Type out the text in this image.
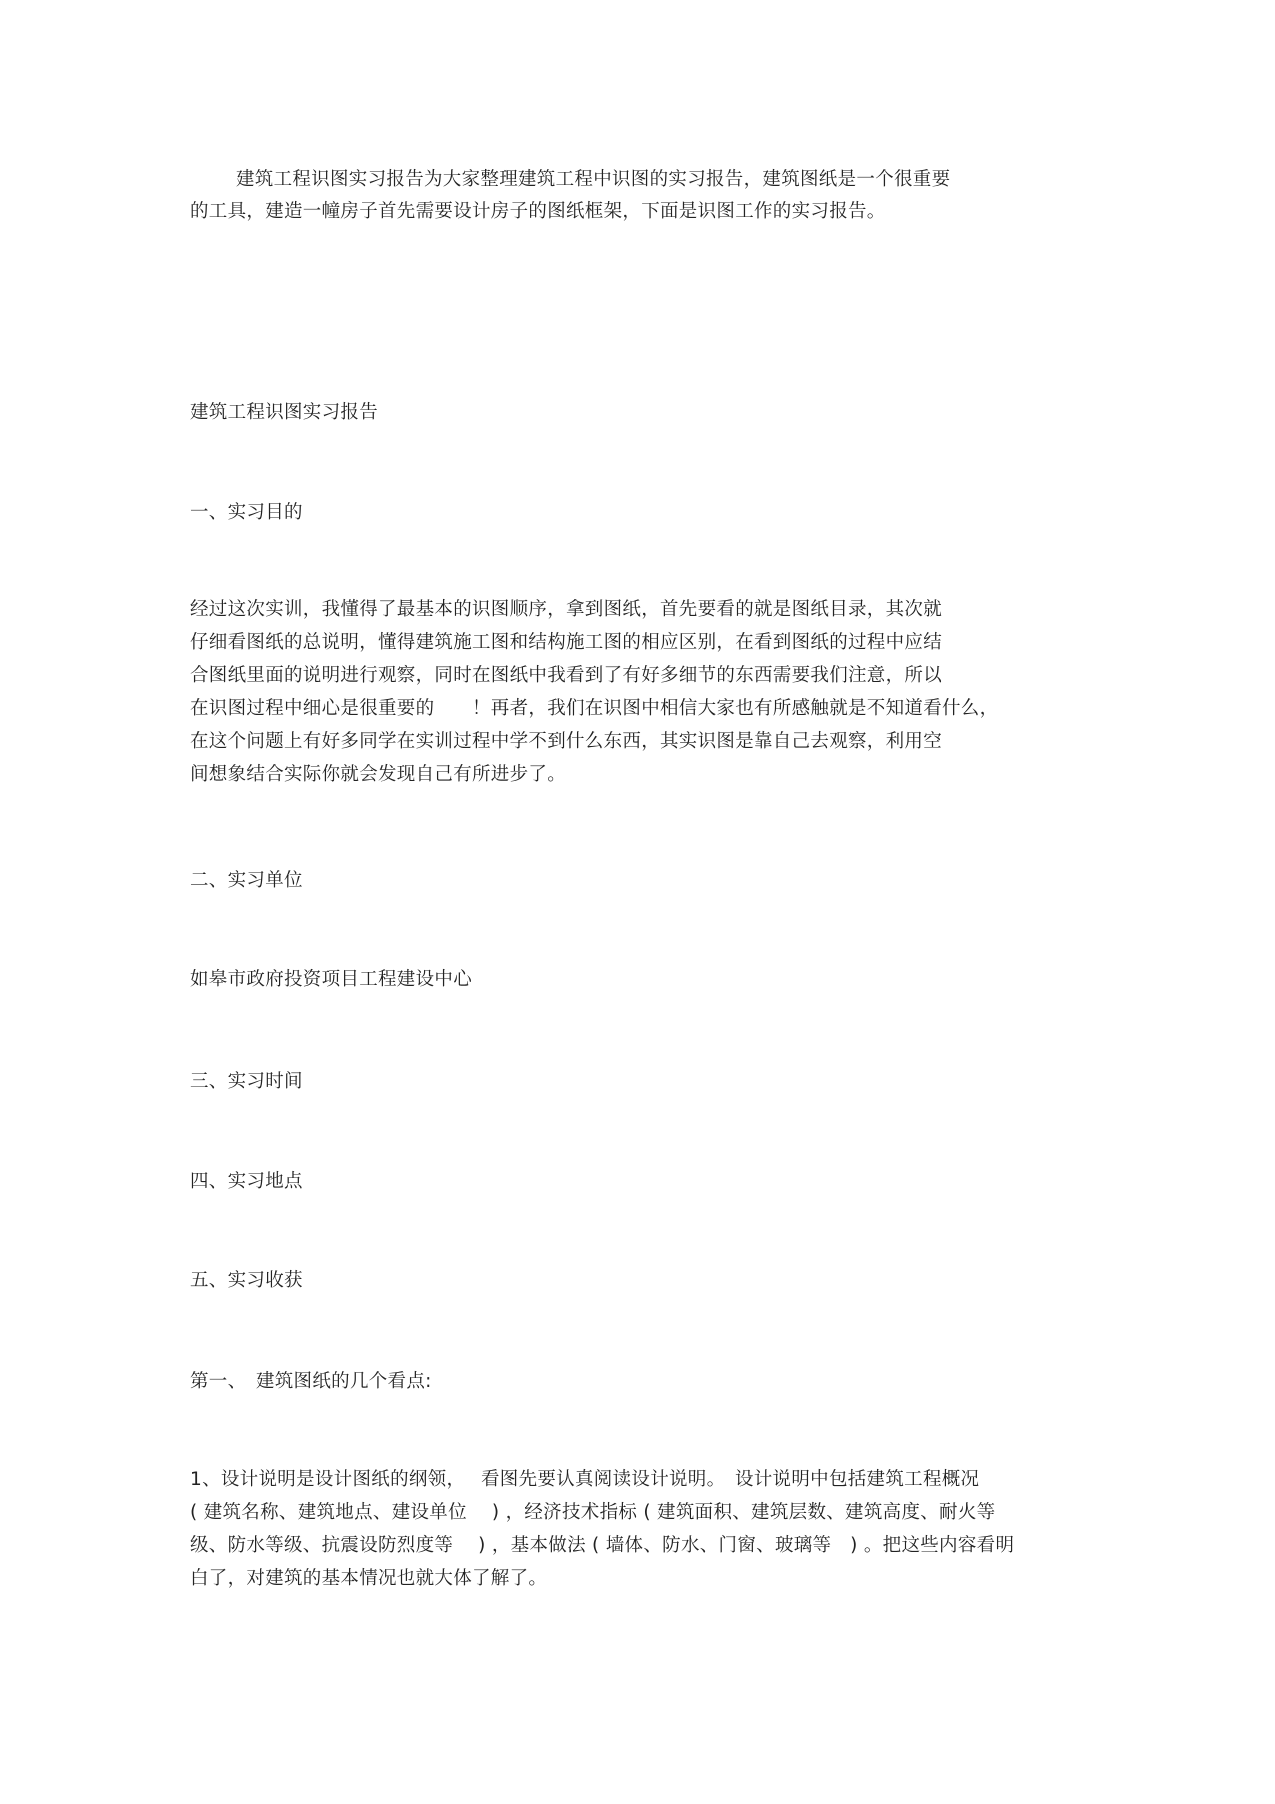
建筑工程识图实习报告为大家整理建筑工程中识图的实习报告，建筑图纸是一个很重要
的工具，建造一幢房子首先需要设计房子的图纸框架，下面是识图工作的实习报告。
建筑工程识图实习报告
一、实习目的
经过这次实训，我懂得了最基本的识图顺序，拿到图纸，首先要看的就是图纸目录，其次就
仔细看图纸的总说明，懂得建筑施工图和结构施工图的相应区别，在看到图纸的过程中应结
合图纸里面的说明进行观察，同时在图纸中我看到了有好多细节的东西需要我们注意，所以
在识图过程中细心是很重要的　　！再者，我们在识图中相信大家也有所感触就是不知道看什么，
在这个问题上有好多同学在实训过程中学不到什么东西，其实识图是靠自己去观察，利用空
间想象结合实际你就会发现自己有所进步了。
二、实习单位
如皋市政府投资项目工程建设中心
三、实习时间
四、实习地点
五、实习收获
第一、　建筑图纸的几个看点:
1、设计说明是设计图纸的纲领，　 看图先要认真阅读设计说明。　设计说明中包括建筑工程概况
( 建筑名称、建筑地点、建设单位　 ) ，经济技术指标 ( 建筑面积、建筑层数、建筑高度、耐火等
级、防水等级、抗震设防烈度等　 ) ，基本做法 ( 墙体、防水、门窗、玻璃等　) 。把这些内容看明
白了，对建筑的基本情况也就大体了解了。
